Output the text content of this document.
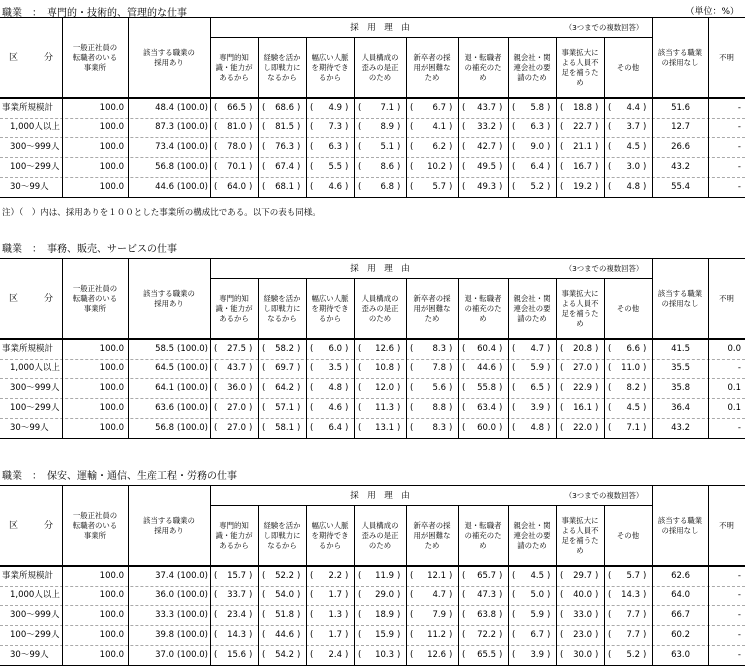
職業　：　専門的・技術的、管理的な仕事	（単位：%）
区	分
一般正社員の
転職者のいる
事業所
該当する職業の
採用あり
採　用　理　由	（3つまでの複数回答）
専門的知
識・能力が
あるから
経験を活か
し即戦力に
なるから
幅広い人脈
を期待でき
るから
人員構成の
歪みの是正
のため
新卒者の採
用が困難な
ため
退・転職者
の補充のた
め
親会社・関
連会社の要
請のため
事業拡大に
よる人員不
足を補うた
め
その他
該当する職業
の採用なし
不明
事業所規模計	100.0	48.4 (100.0) (	66.5 ) (	68.6 ) (	4.9 ) (	7.1 ) (	6.7 ) (	43.7 ) (	5.8 ) (	18.8 ) (	4.4 )	51.6	-
1,000人以上	100.0	87.3 (100.0) (	81.0 ) (	81.5 ) (	7.3 ) (	8.9 ) (	4.1 ) (	33.2 ) (	6.3 ) (	22.7 ) (	3.7 )	12.7	-
300～999人	100.0	73.4 (100.0) (	78.0 ) (	76.3 ) (	6.3 ) (	5.1 ) (	6.2 ) (	42.7 ) (	9.0 ) (	21.1 ) (	4.5 )	26.6	-
100～299人	100.0	56.8 (100.0) (	70.1 ) (	67.4 ) (	5.5 ) (	8.6 ) (	10.2 ) (	49.5 ) (	6.4 ) (	16.7 ) (	3.0 )	43.2	-
30～99人	100.0	44.6 (100.0) (	64.0 ) (	68.1 ) (	4.6 ) (	6.8 ) (	5.7 ) (	49.3 ) (	5.2 ) (	19.2 ) (	4.8 )	55.4	-
注）（　）内は、採用ありを１００とした事業所の構成比である。以下の表も同様。
職業　：　事務、販売、サービスの仕事
区	分
一般正社員の
転職者のいる
事業所
該当する職業の
採用あり
採　用　理　由	（3つまでの複数回答）
専門的知
識・能力が
あるから
経験を活か
し即戦力に
なるから
幅広い人脈
を期待でき
るから
人員構成の
歪みの是正
のため
新卒者の採
用が困難な
ため
退・転職者
の補充のた
め
親会社・関
連会社の要
請のため
事業拡大に
よる人員不
足を補うた
め
その他
該当する職業
の採用なし
不明
事業所規模計	100.0	58.5 (100.0) (	27.5 ) (	58.2 ) (	6.0 ) (	12.6 ) (	8.3 ) (	60.4 ) (	4.7 ) (	20.8 ) (	6.6 )	41.5	0.0
1,000人以上	100.0	64.5 (100.0) (	43.7 ) (	69.7 ) (	3.5 ) (	10.8 ) (	7.8 ) (	44.6 ) (	5.9 ) (	27.0 ) (	11.0 )	35.5	-
300～999人	100.0	64.1 (100.0) (	36.0 ) (	64.2 ) (	4.8 ) (	12.0 ) (	5.6 ) (	55.8 ) (	6.5 ) (	22.9 ) (	8.2 )	35.8	0.1
100～299人	100.0	63.6 (100.0) (	27.0 ) (	57.1 ) (	4.6 ) (	11.3 ) (	8.8 ) (	63.4 ) (	3.9 ) (	16.1 ) (	4.5 )	36.4	0.1
30～99人	100.0	56.8 (100.0) (	27.0 ) (	58.1 ) (	6.4 ) (	13.1 ) (	8.3 ) (	60.0 ) (	4.8 ) (	22.0 ) (	7.1 )	43.2	-
職業　：　保安、運輸・通信、生産工程・労務の仕事
区	分
一般正社員の
転職者のいる
事業所
該当する職業の
採用あり
採　用　理　由	（3つまでの複数回答）
専門的知
識・能力が
あるから
経験を活か
し即戦力に
なるから
幅広い人脈
を期待でき
るから
人員構成の
歪みの是正
のため
新卒者の採
用が困難な
ため
退・転職者
の補充のた
め
親会社・関
連会社の要
請のため
事業拡大に
よる人員不
足を補うた
め
その他
該当する職業
の採用なし
不明
事業所規模計	100.0	37.4 (100.0) (	15.7 ) (	52.2 ) (	2.2 ) (	11.9 ) (	12.1 ) (	65.7 ) (	4.5 ) (	29.7 ) (	5.7 )	62.6	-
1,000人以上	100.0	36.0 (100.0) (	33.7 ) (	54.0 ) (	1.7 ) (	29.0 ) (	4.7 ) (	47.3 ) (	5.0 ) (	40.0 ) (	14.3 )	64.0	-
300～999人	100.0	33.3 (100.0) (	23.4 ) (	51.8 ) (	1.3 ) (	18.9 ) (	7.9 ) (	63.8 ) (	5.9 ) (	33.0 ) (	7.7 )	66.7	-
100～299人	100.0	39.8 (100.0) (	14.3 ) (	44.6 ) (	1.7 ) (	15.9 ) (	11.2 ) (	72.2 ) (	6.7 ) (	23.0 ) (	7.7 )	60.2	-
30～99人	100.0	37.0 (100.0) (	15.6 ) (	54.2 ) (	2.4 ) (	10.3 ) (	12.6 ) (	65.5 ) (	3.9 ) (	30.0 ) (	5.2 )	63.0	-
